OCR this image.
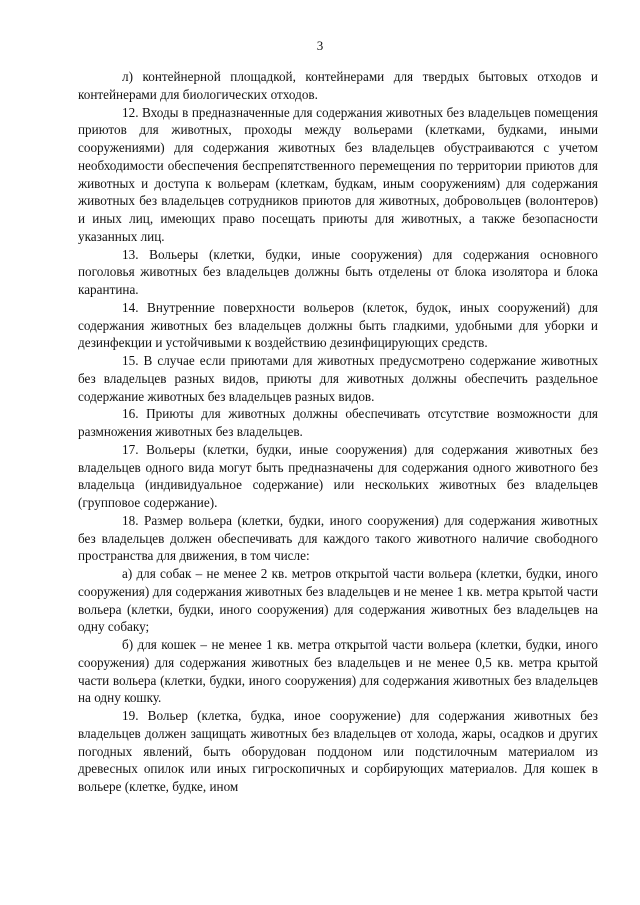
3

л) контейнерной площадкой, контейнерами для твердых бытовых отходов и контейнерами для биологических отходов.

12. Входы в предназначенные для содержания животных без владельцев помещения приютов для животных, проходы между вольерами (клетками, будками, иными сооружениями) для содержания животных без владельцев обустраиваются с учетом необходимости обеспечения беспрепятственного перемещения по территории приютов для животных и доступа к вольерам (клеткам, будкам, иным сооружениям) для содержания животных без владельцев сотрудников приютов для животных, добровольцев (волонтеров) и иных лиц, имеющих право посещать приюты для животных, а также безопасности указанных лиц.

13. Вольеры (клетки, будки, иные сооружения) для содержания основного поголовья животных без владельцев должны быть отделены от блока изолятора и блока карантина.

14. Внутренние поверхности вольеров (клеток, будок, иных сооружений) для содержания животных без владельцев должны быть гладкими, удобными для уборки и дезинфекции и устойчивыми к воздействию дезинфицирующих средств.

15. В случае если приютами для животных предусмотрено содержание животных без владельцев разных видов, приюты для животных должны обеспечить раздельное содержание животных без владельцев разных видов.

16. Приюты для животных должны обеспечивать отсутствие возможности для размножения животных без владельцев.

17. Вольеры (клетки, будки, иные сооружения) для содержания животных без владельцев одного вида могут быть предназначены для содержания одного животного без владельца (индивидуальное содержание) или нескольких животных без владельцев (групповое содержание).

18. Размер вольера (клетки, будки, иного сооружения) для содержания животных без владельцев должен обеспечивать для каждого такого животного наличие свободного пространства для движения, в том числе:

а) для собак – не менее 2 кв. метров открытой части вольера (клетки, будки, иного сооружения) для содержания животных без владельцев и не менее 1 кв. метра крытой части вольера (клетки, будки, иного сооружения) для содержания животных без владельцев на одну собаку;

б) для кошек – не менее 1 кв. метра открытой части вольера (клетки, будки, иного сооружения) для содержания животных без владельцев и не менее 0,5 кв. метра крытой части вольера (клетки, будки, иного сооружения) для содержания животных без владельцев на одну кошку.

19. Вольер (клетка, будка, иное сооружение) для содержания животных без владельцев должен защищать животных без владельцев от холода, жары, осадков и других погодных явлений, быть оборудован поддоном или подстилочным материалом из древесных опилок или иных гигроскопичных и сорбирующих материалов. Для кошек в вольере (клетке, будке, ином
